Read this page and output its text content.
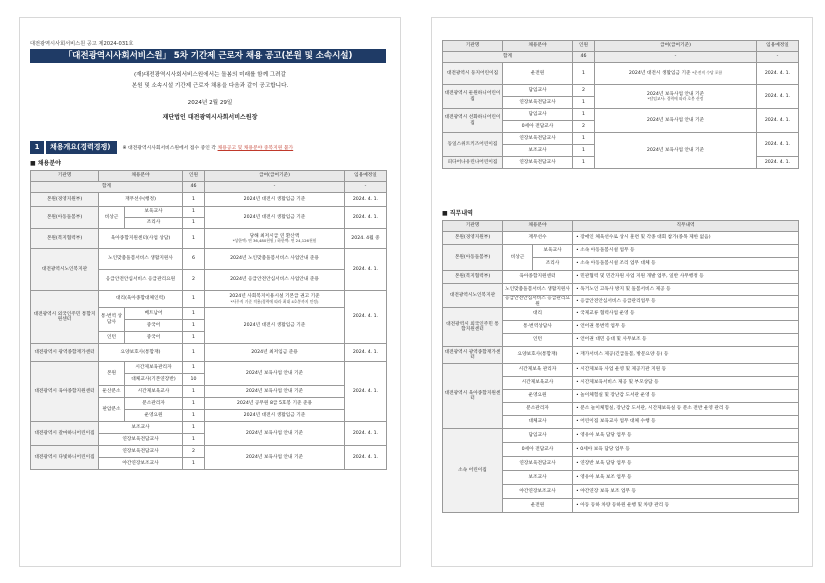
대전광역시사회서비스원 공고 제2024-031호
「대전광역시사회서비스원」 5차 기간제 근로자 채용 공고(본원 및 소속시설)
(재)대전광역시사회서비스원에서는 돌봄의 미래를 함께 그려갈
본원 및 소속시설 기간제 근로자 채용을 다음과 같이 공고합니다.
2024년 2월 29일
재단법인 대전광역시사회서비스원장
1	채용개요(경력경쟁)	※ 대전광역시사회서비스원에서 접수 중인 각 채용공고 및 채용분야 중복지원 불가
■ 채용분야
기관명	채용분야		인원	급여(급여기준)	임용예정일
합계			46	-	-
본원(경영지원부)	재무선수(행정)		1	2024년 대전시 생활임금 기준	2024. 4. 1.
본원(아동돌봄부)	비상근	보육교사	1	2024년 대전시 생활임금 기준	2024. 4. 1.
		조리사	1		
본원(복지협력부)	육아종합지원센터(사업 상담)		1	당해 최저시급 연 환산액
*상한액: 연 36,480천원 / 하한액: 연 24,126천원	2024. 4월 중
대전광역시노인복지관	노인맞춤돌봄서비스 생활지원사		6	2024년 노인맞춤돌봄서비스 사업안내 준용	2024. 4. 1.
	응급안전안심서비스 응급관리요원		2	2024년 응급안전안심서비스 사업안내 준용	
대전광역시 외국인주민 통합지원센터	대리(육아종합대체인력)		1	2024년 사회복지이용시설 기본급 권고 기준
*사무직 기준 적용(경력에 따라 최대 4호봉까지 인정)	2024. 4. 1.
	통·번역 상담사	베트남어	1	2024년 대전시 생활임금 기준	
		중국어	1		
	인턴	중국어	1		
대전광역시 광역종합재가센터	요양보호사(통합재)		1	2024년 최저임금 준용	2024. 4. 1.
대전광역시 육아종합지원센터	본원	시간제보육관리자	1	2024년 보육사업 안내 기준	2024. 4. 1.
		대체교사(기본연장반)	10		
	둔산분소	시간제보육교사	1	2024년 보육사업 안내 기준	
	판암분소	분소관리자	1	2024년 공무원 8급 5호봉 기준 준용	
		운영요원	1	2024년 대전시 생활임금 기준	
대전광역시 갈마하니어린이집	보조교사		1	2024년 보육사업 안내 기준	2024. 4. 1.
	연장보육전담교사		1		
대전광역시 다빛하니어린이집	연장보육전담교사		2	2024년 보육사업 안내 기준	2024. 4. 1.
	야간연장보조교사		1		
기관명	채용분야	인원	급여(급여기준)	임용예정일
합계		46	-	-
대전광역시 둥지어린이집	운전원	1	2024년 대전시 생활임금 기준 *운전직 수당 포함	2024. 4. 1.
대전광역시 둔원하니어린이집	담임교사	2	2024년 보육사업 안내 기준
*담임교사: 경력에 따라 호봉 산정	2024. 4. 1.
	연장보육전담교사	1		
대전광역시 선화하니어린이집	담임교사	1	2024년 보육사업 안내 기준	2024. 4. 1.
	0세아 전담교사	2		
동일스위트키즈어린이집	연장보육전담교사	1	2024년 보육사업 안내 기준	2024. 4. 1.
	보조교사	1		
피다어나유린나어린이집	연장보육전담교사	1		2024. 4. 1.
■ 직무내역
기관명	채용분야		직무내역
본원(경영지원부)	재무선수		• 장애인 체육선수로 상시 훈련 및 각종 대회 참가(종목 제한 없음)
본원(아동돌봄부)	비상근	보육교사	• 소속 아동돌봄시설 업무 등
		조리사	• 소속 아동돌봄시설 조리 업무 대체 등
본원(복지협력부)	육아종합지원센터		• 민관협력 및 민간자원 사업 지원 개발 업무, 일반 사무행정 등
대전광역시노인복지관	노인맞춤돌봄서비스 생활지원사		• 독거노인 고독사 방지 및 돌봄서비스 제공 등
	응급안전안심서비스 응급관리요원		• 응급안전안심서비스 응급관리업무 등
대전광역시 외국인주민 통합지원센터	대리		• 국제교류 협력사업 운영 등
	통·번역상담사		• 언어권 통번역 업무 등
	인턴		• 언어권 대민 응대 및 사무보조 등
대전광역시 광역종합재가센터	요양보호사(통합재)		• 재가서비스 제공(긴급돌봄, 방문요양 등) 등
대전광역시 육아종합지원센터	시간제보육 관리자		• 시간제보육 사업 운영 및 제공기관 지원 등
	시간제보육교사		• 시간제보육서비스 제공 및 부모상담 등
	운영요원		• 놀이체험실 및 장난감 도서관 운영 등
	분소관리자		• 분소 놀이체험실, 장난감 도서관, 시간제보육실 등 분소 전반 운영 관리 등
	대체교사		• 어린이집 보육교사 업무 대체 수행 등
소속 어린이집	담임교사		• 영유아 보육 담당 업무 등
	0세아 전담교사		• 0세아 보육 담당 업무 등
	연장보육전담교사		• 연장반 보육 담당 업무 등
	보조교사		• 영유아 보육 보조 업무 등
	야간연장보조교사		• 야간연장 보육 보조 업무 등
	운전원		• 아동 등하 차량 등하원 운행 및 차량 관리 등
